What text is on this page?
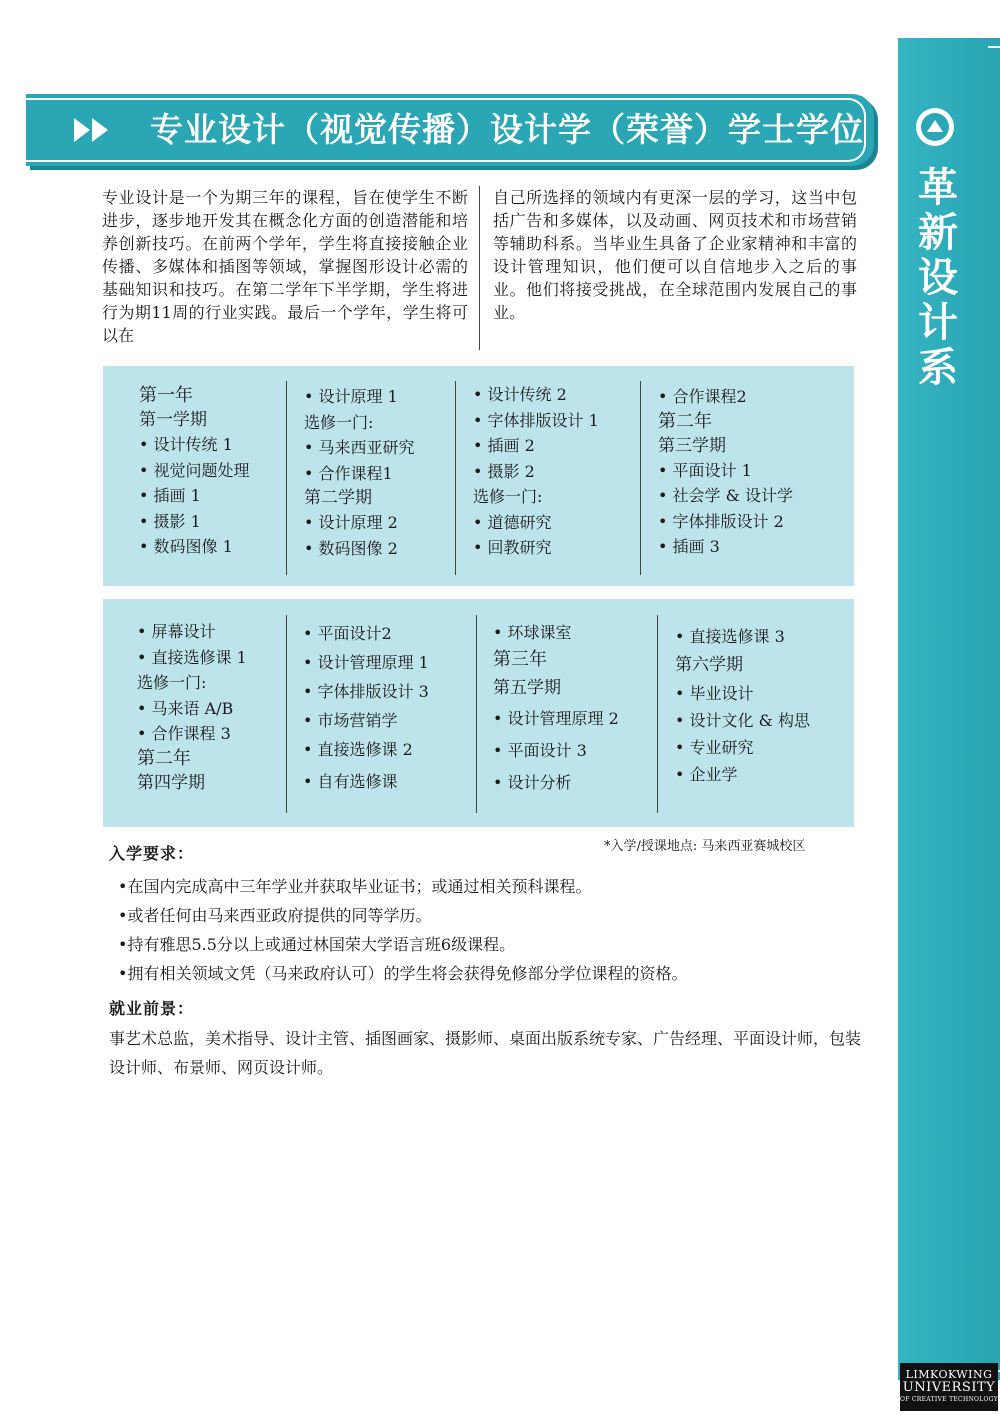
革
新
设
计
系
专业设计（视觉传播）设计学（荣誉）学士学位
专业设计是一个为期三年的课程，旨在使学生不断进步，逐步地开发其在概念化方面的创造潜能和培养创新技巧。在前两个学年，学生将直接接触企业传播、多媒体和插图等领域，掌握图形设计必需的基础知识和技巧。在第二学年下半学期，学生将进行为期11周的行业实践。最后一个学年，学生将可以在
自己所选择的领域内有更深一层的学习，这当中包括广告和多媒体，以及动画、网页技术和市场营销等辅助科系。当毕业生具备了企业家精神和丰富的设计管理知识，他们便可以自信地步入之后的事业。他们将接受挑战，在全球范围内发展自己的事业。
第一年
第一学期
• 设计传统 1
• 视觉问题处理
• 插画 1
• 摄影 1
• 数码图像 1
• 设计原理 1
选修一门:
• 马来西亚研究
• 合作课程1
第二学期
• 设计原理 2
• 数码图像 2
• 设计传统 2
• 字体排版设计 1
• 插画 2
• 摄影 2
选修一门:
• 道德研究
• 回教研究
• 合作课程2
第二年
第三学期
• 平面设计 1
• 社会学 & 设计学
• 字体排版设计 2
• 插画 3
• 屏幕设计
• 直接选修课 1
选修一门:
• 马来语 A/B
• 合作课程 3
第二年
第四学期
• 平面设计2
• 设计管理原理 1
• 字体排版设计 3
• 市场营销学
• 直接选修课 2
• 自有选修课
• 环球课室
第三年
第五学期
• 设计管理原理 2
• 平面设计 3
• 设计分析
• 直接选修课 3
第六学期
• 毕业设计
• 设计文化 & 构思
• 专业研究
• 企业学
入学要求：	*入学/授课地点: 马来西亚赛城校区
•在国内完成高中三年学业并获取毕业证书；或通过相关预科课程。
•或者任何由马来西亚政府提供的同等学历。
•持有雅思5.5分以上或通过林国荣大学语言班6级课程。
•拥有相关领域文凭（马来政府认可）的学生将会获得免修部分学位课程的资格。
就业前景：
事艺术总监，美术指导、设计主管、插图画家、摄影师、桌面出版系统专家、广告经理、平面设计师，包装设计师、布景师、网页设计师。
LIMKOKWING
UNIVERSITY
OF CREATIVE TECHNOLOGY
